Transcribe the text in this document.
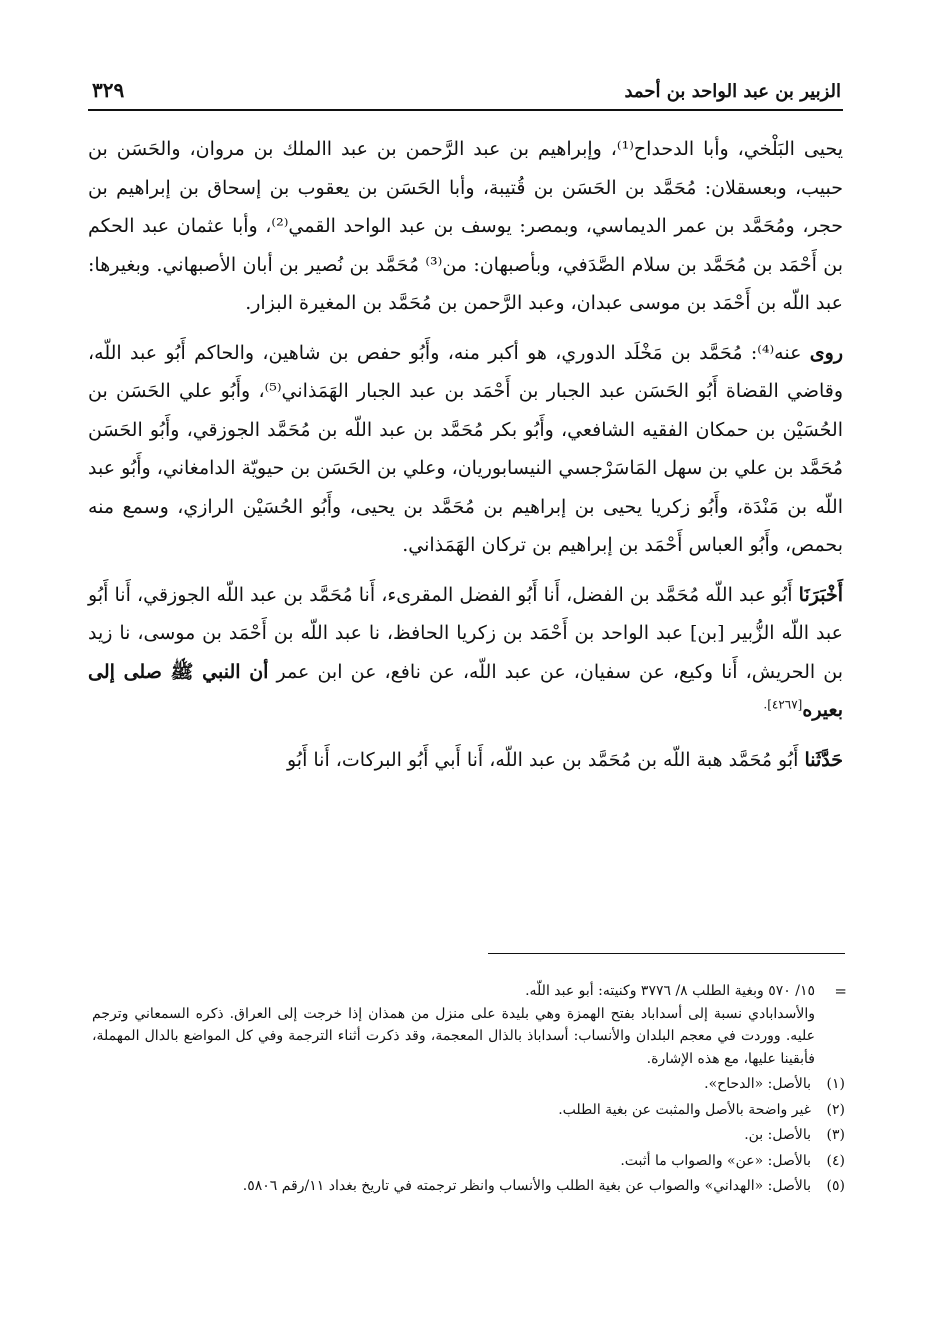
الزبير بن عبد الواحد بن أحمد
٣٢٩

يحيى البَلْخي، وأبا الدحداح⁽¹⁾، وإبراهيم بن عبد الرَّحمن بن عبد االملك بن مروان، والحَسَن بن حبيب، وبعسقلان: مُحَمَّد بن الحَسَن بن قُتيبة، وأبا الحَسَن بن يعقوب بن إسحاق بن إبراهيم بن حجر، ومُحَمَّد بن عمر الديماسي، وبمصر: يوسف بن عبد الواحد القمي⁽²⁾، وأبا عثمان عبد الحكم بن أَحْمَد بن مُحَمَّد بن سلام الصَّدَفي، وبأصبهان: من⁽³⁾ مُحَمَّد بن نُصير بن أبان الأصبهاني. وبغيرها: عبد اللّه بن أَحْمَد بن موسى عبدان، وعبد الرَّحمن بن مُحَمَّد بن المغيرة البزار.

روى عنه⁽⁴⁾: مُحَمَّد بن مَخْلَد الدوري، هو أكبر منه، وأَبُو حفص بن شاهين، والحاكم أَبُو عبد اللّه، وقاضي القضاة أَبُو الحَسَن عبد الجبار بن أَحْمَد بن عبد الجبار الهَمَذاني⁽⁵⁾، وأَبُو علي الحَسَن بن الحُسَيْن بن حمكان الفقيه الشافعي، وأَبُو بكر مُحَمَّد بن عبد اللّه بن مُحَمَّد الجوزقي، وأَبُو الحَسَن مُحَمَّد بن علي بن سهل المَاسَرْجسي النيسابوريان، وعلي بن الحَسَن بن حيويّة الدامغاني، وأَبُو عبد اللّه بن مَنْدَة، وأَبُو زكريا يحيى بن إبراهيم بن مُحَمَّد بن يحيى، وأَبُو الحُسَيْن الرازي، وسمع منه بحمص، وأَبُو العباس أَحْمَد بن إبراهيم بن تركان الهَمَذاني.

أَخْبَرَنَا أَبُو عبد اللّه مُحَمَّد بن الفضل، أَنا أَبُو الفضل المقرىء، أَنا مُحَمَّد بن عبد اللّه الجوزقي، أَنا أَبُو عبد اللّه الزُّبير [بن] عبد الواحد بن أَحْمَد بن زكريا الحافظ، نا عبد اللّه بن أَحْمَد بن موسى، نا زيد بن الحريش، أَنا وكيع، عن سفيان، عن عبد اللّه، عن نافع، عن ابن عمر أن النبي ﷺ صلى إلى بعيره$^{[٤٢٦٧].}$

حَدَّثَنا أَبُو مُحَمَّد هبة اللّه بن مُحَمَّد بن عبد اللّه، أَنا أَبي أَبُو البركات، أَنا أَبُو

=

١٥/ ٥٧٠ وبغية الطلب ٨/ ٣٧٧٦ وكنيته: أبو عبد اللّه.

والأسدابادي نسبة إلى أسداباد بفتح الهمزة وهي بليدة على منزل من همذان إذا خرجت إلى العراق. ذكره السمعاني وترجم عليه. ووردت في معجم البلدان والأنساب: أسداباذ بالذال المعجمة، وقد ذكرت أثناء الترجمة وفي كل المواضع بالدال المهملة، فأبقينا عليها، مع هذه الإشارة.

(١)
بالأصل: «الدحاح».
(٢)
غير واضحة بالأصل والمثبت عن بغية الطلب.
(٣)
بالأصل: بن.
(٤)
بالأصل: «عن» والصواب ما أثبت.
(٥)
بالأصل: «الهداني» والصواب عن بغية الطلب والأنساب وانظر ترجمته في تاريخ بغداد ١١/رقم ٥٨٠٦.
